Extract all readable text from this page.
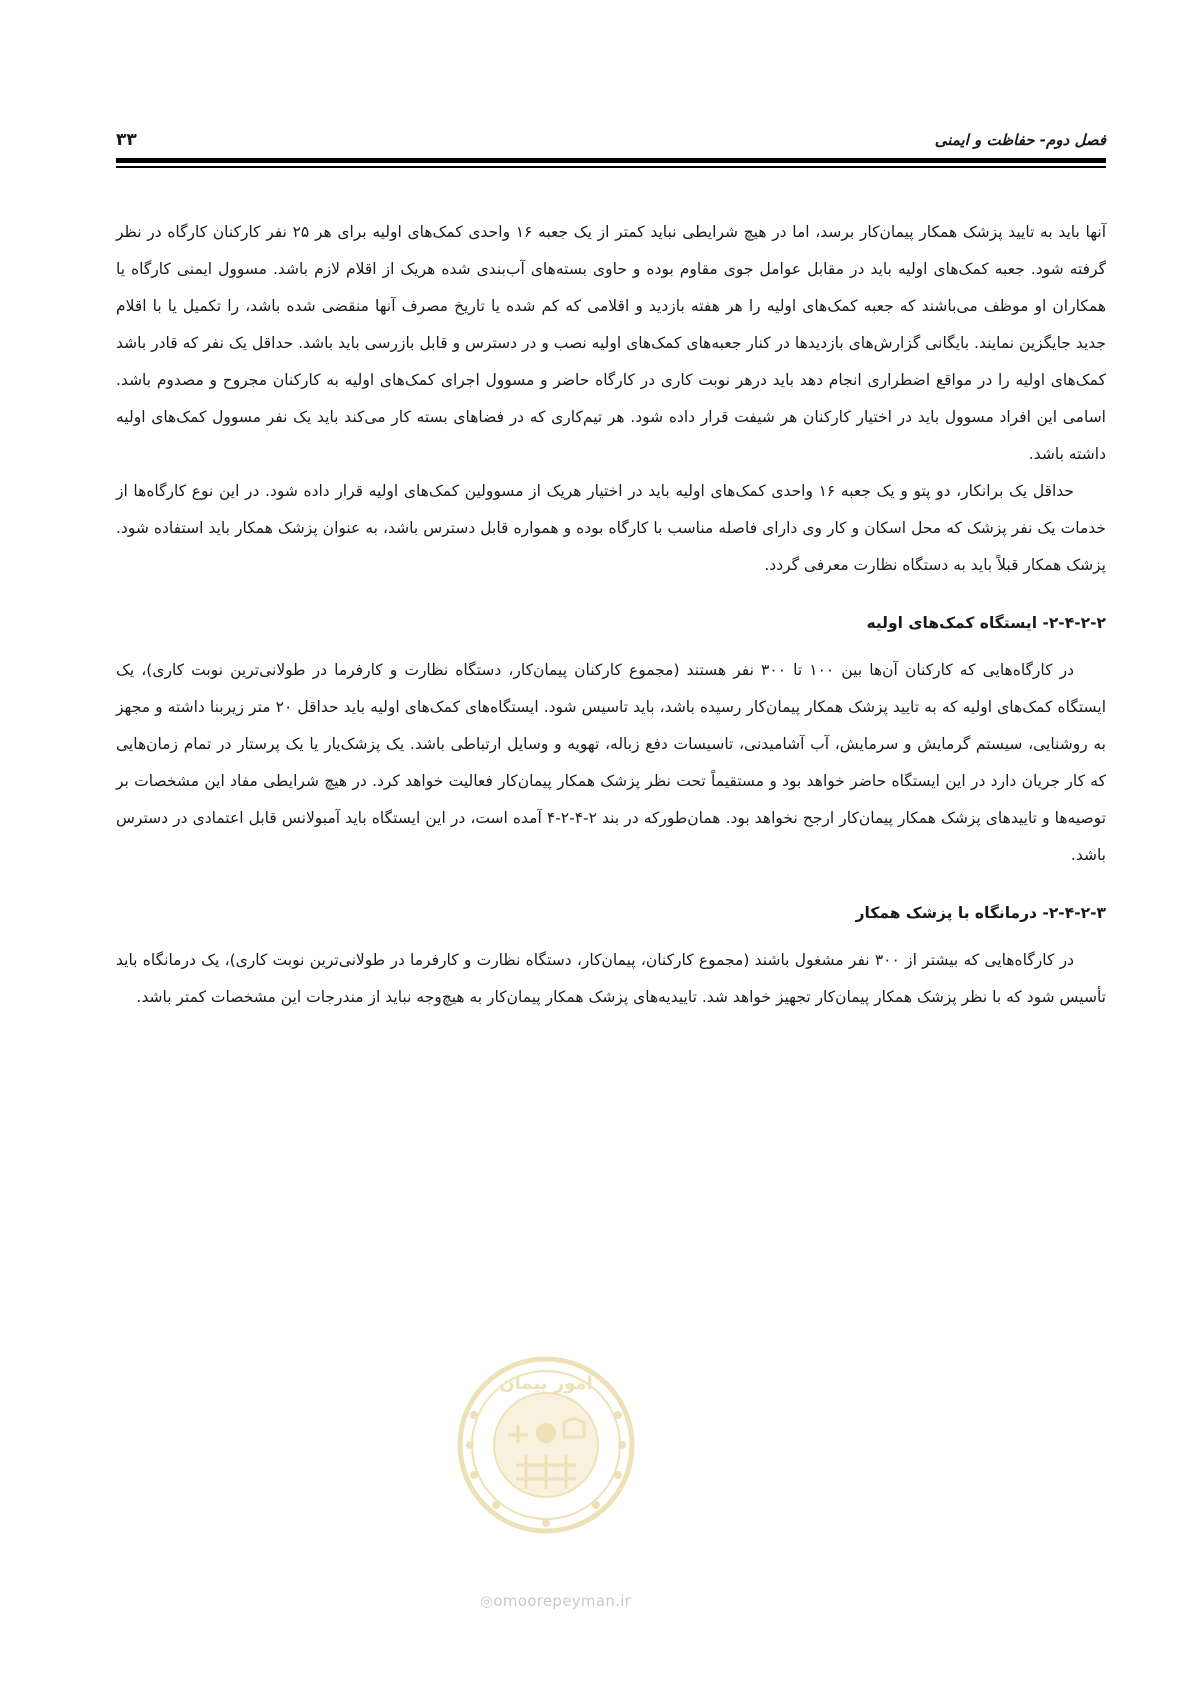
فصل دوم- حفاظت و ایمنی
۳۳

آنها باید به تایید پزشک همکار پیمان‌کار برسد، اما در هیچ شرایطی نباید کمتر از یک جعبه ۱۶ واحدی کمک‌های اولیه برای هر ۲۵ نفر کارکنان کارگاه در نظر گرفته شود. جعبه کمک‌های اولیه باید در مقابل عوامل جوی مقاوم بوده و حاوی بسته‌های آب‌بندی شده هریک از اقلام لازم باشد. مسوول ایمنی کارگاه یا همکاران او موظف می‌باشند که جعبه کمک‌های اولیه را هر هفته بازدید و اقلامی که کم شده یا تاریخ مصرف آنها منقضی شده باشد، را تکمیل یا با اقلام جدید جایگزین نمایند. بایگانی گزارش‌های بازدیدها در کنار جعبه‌های کمک‌های اولیه نصب و در دسترس و قابل بازرسی باید باشد. حداقل یک نفر که قادر باشد کمک‌های اولیه را در مواقع اضطراری انجام دهد باید درهر نوبت کاری در کارگاه حاضر و مسوول اجرای کمک‌های اولیه به کارکنان مجروح و مصدوم باشد. اسامی این افراد مسوول باید در اختیار کارکنان هر شیفت قرار داده شود. هر تیم‌کاری که در فضاهای بسته کار می‌کند باید یک نفر مسوول کمک‌های اولیه داشته باشد.

حداقل یک برانکار، دو پتو و یک جعبه ۱۶ واحدی کمک‌های اولیه باید در اختیار هریک از مسوولین کمک‌های اولیه قرار داده شود. در این نوع کارگاه‌ها از خدمات یک نفر پزشک که محل اسکان و کار وی دارای فاصله مناسب با کارگاه بوده و همواره قابل دسترس باشد، به عنوان پزشک همکار باید استفاده شود. پزشک همکار قبلاً باید به دستگاه نظارت معرفی گردد.

۲-۴-۲-۲- ایستگاه کمک‌های اولیه

در کارگاه‌هایی که کارکنان آن‌ها بین ۱۰۰ تا ۳۰۰ نفر هستند (مجموع کارکنان پیمان‌کار، دستگاه نظارت و کارفرما در طولانی‌ترین نوبت کاری)، یک ایستگاه کمک‌های اولیه که به تایید پزشک همکار پیمان‌کار رسیده باشد، باید تاسیس شود. ایستگاه‌های کمک‌های اولیه باید حداقل ۲۰ متر زیربنا داشته و مجهز به روشنایی، سیستم گرمایش و سرمایش، آب آشامیدنی، تاسیسات دفع زباله، تهویه و وسایل ارتباطی باشد. یک پزشک‌یار یا یک پرستار در تمام زمان‌هایی که کار جریان دارد در این ایستگاه حاضر خواهد بود و مستقیماً تحت نظر پزشک همکار پیمان‌کار فعالیت خواهد کرد. در هیچ شرایطی مفاد این مشخصات بر توصیه‌ها و تاییدهای پزشک همکار پیمان‌کار ارجح نخواهد بود. همان‌طورکه در بند ۲-۴-۲-۴ آمده است، در این ایستگاه باید آمبولانس قابل اعتمادی در دسترس باشد.

۲-۴-۲-۳- درمانگاه با پزشک همکار

در کارگاه‌هایی که بیشتر از ۳۰۰ نفر مشغول باشند (مجموع کارکنان، پیمان‌کار، دستگاه نظارت و کارفرما در طولانی‌ترین نوبت کاری)، یک درمانگاه باید تأسیس شود که با نظر پزشک همکار پیمان‌کار تجهیز خواهد شد. تاییدیه‌های پزشک همکار پیمان‌کار به هیچ‌وجه نباید از مندرجات این مشخصات کمتر باشد.

امور پیمان
◎omoorepeyman.ir
